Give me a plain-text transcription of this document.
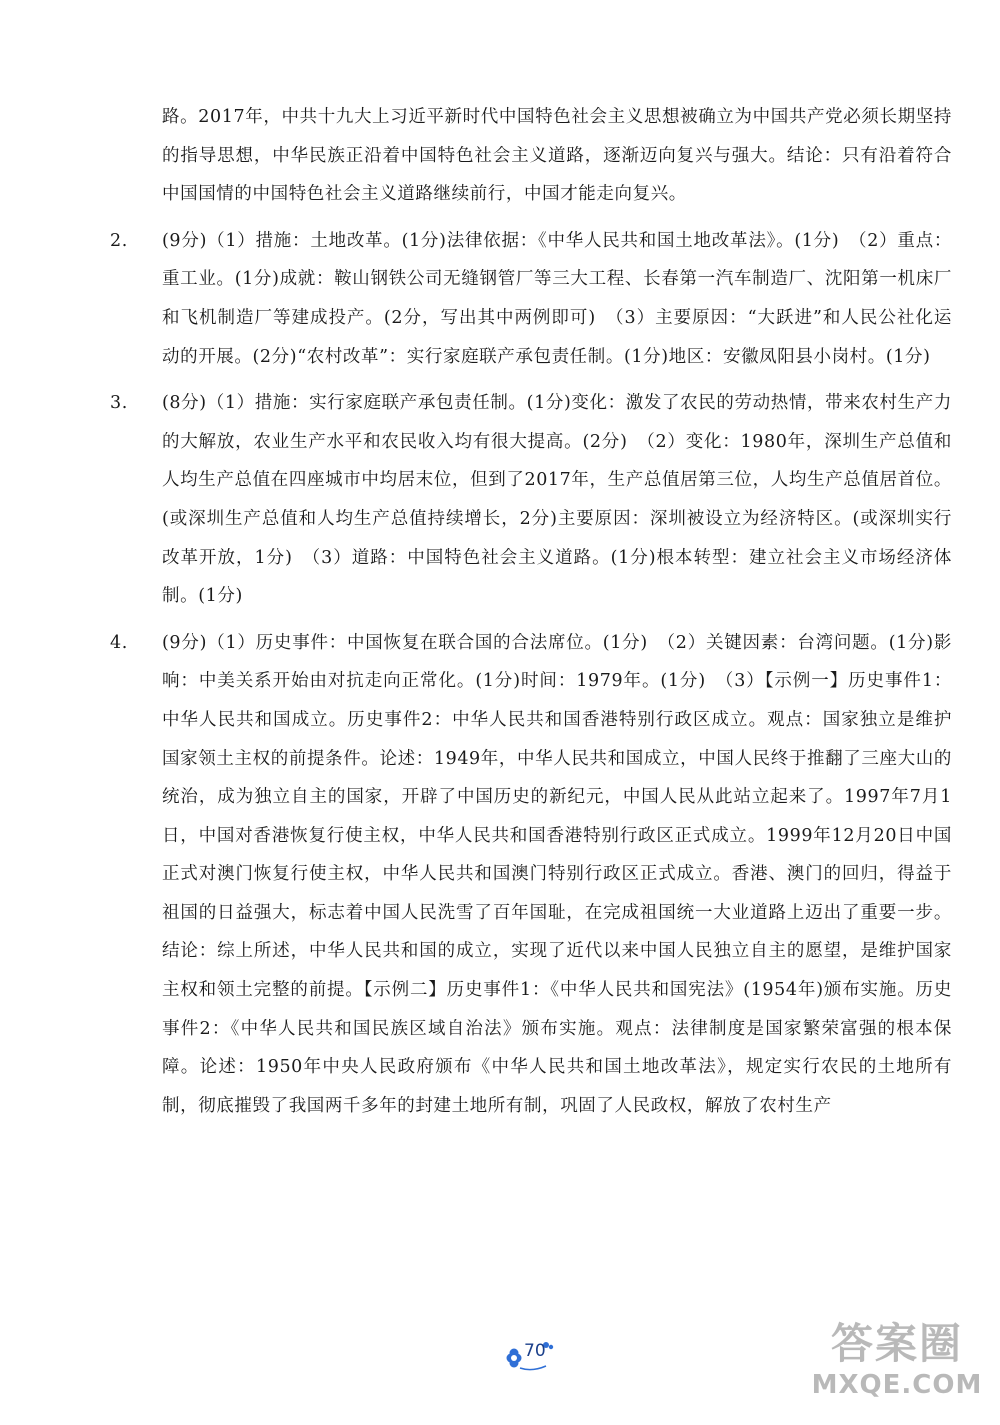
路。2017年，中共十九大上习近平新时代中国特色社会主义思想被确立为中国共产党必须长期坚持的指导思想，中华民族正沿着中国特色社会主义道路，逐渐迈向复兴与强大。结论：只有沿着符合中国国情的中国特色社会主义道路继续前行，中国才能走向复兴。

2.	(9分)（1）措施：土地改革。(1分)法律依据：《中华人民共和国土地改革法》。(1分)　（2）重点：重工业。(1分)成就：鞍山钢铁公司无缝钢管厂等三大工程、长春第一汽车制造厂、沈阳第一机床厂和飞机制造厂等建成投产。(2分，写出其中两例即可)　（3）主要原因：“大跃进”和人民公社化运动的开展。(2分)“农村改革”：实行家庭联产承包责任制。(1分)地区：安徽凤阳县小岗村。(1分)
3.	(8分)（1）措施：实行家庭联产承包责任制。(1分)变化：激发了农民的劳动热情，带来农村生产力的大解放，农业生产水平和农民收入均有很大提高。(2分)　（2）变化：1980年，深圳生产总值和人均生产总值在四座城市中均居末位，但到了2017年，生产总值居第三位，人均生产总值居首位。(或深圳生产总值和人均生产总值持续增长，2分)主要原因：深圳被设立为经济特区。(或深圳实行改革开放，1分)　（3）道路：中国特色社会主义道路。(1分)根本转型：建立社会主义市场经济体制。(1分)
4.	(9分)（1）历史事件：中国恢复在联合国的合法席位。(1分)　（2）关键因素：台湾问题。(1分)影响：中美关系开始由对抗走向正常化。(1分)时间：1979年。(1分)　（3）【示例一】历史事件1：中华人民共和国成立。历史事件2：中华人民共和国香港特别行政区成立。观点：国家独立是维护国家领土主权的前提条件。论述：1949年，中华人民共和国成立，中国人民终于推翻了三座大山的统治，成为独立自主的国家，开辟了中国历史的新纪元，中国人民从此站立起来了。1997年7月1日，中国对香港恢复行使主权，中华人民共和国香港特别行政区正式成立。1999年12月20日中国正式对澳门恢复行使主权，中华人民共和国澳门特别行政区正式成立。香港、澳门的回归，得益于祖国的日益强大，标志着中国人民洗雪了百年国耻，在完成祖国统一大业道路上迈出了重要一步。结论：综上所述，中华人民共和国的成立，实现了近代以来中国人民独立自主的愿望，是维护国家主权和领土完整的前提。【示例二】历史事件1：《中华人民共和国宪法》(1954年)颁布实施。历史事件2：《中华人民共和国民族区域自治法》颁布实施。观点：法律制度是国家繁荣富强的根本保障。论述：1950年中央人民政府颁布《中华人民共和国土地改革法》，规定实行农民的土地所有制，彻底摧毁了我国两千多年的封建土地所有制，巩固了人民政权，解放了农村生产
70	答案圈
MXQE.COM
